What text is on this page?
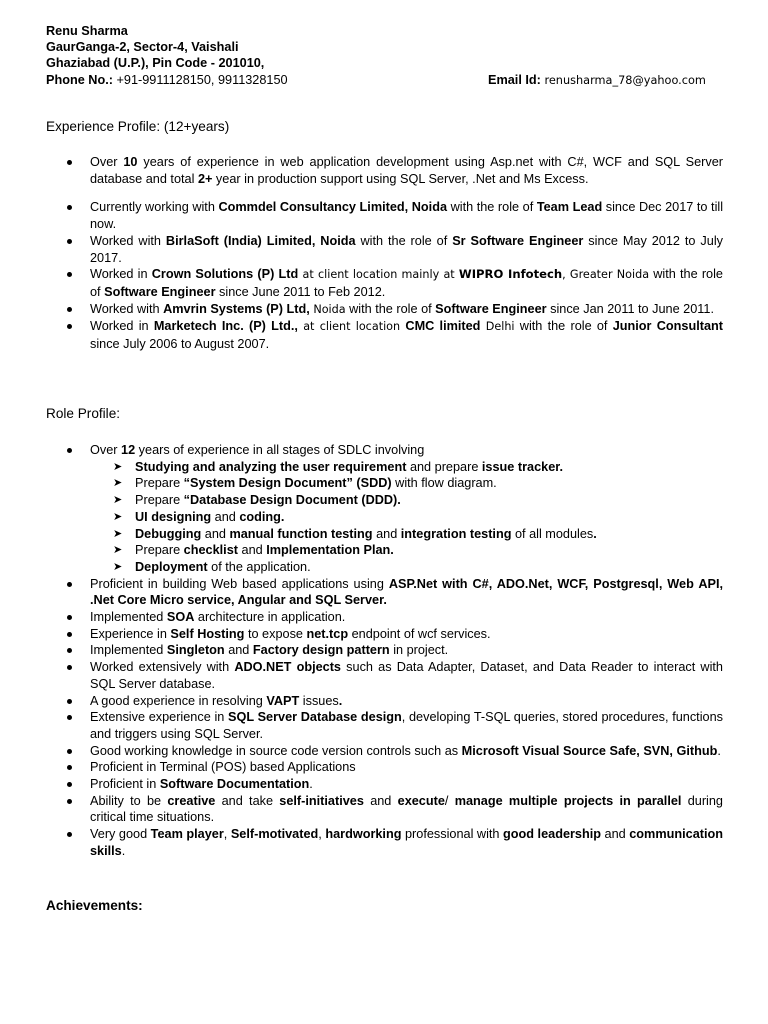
Renu Sharma
GaurGanga-2, Sector-4, Vaishali
Ghaziabad (U.P.), Pin Code - 201010,
Phone No.: +91-9911128150, 9911328150	Email Id: renusharma_78@yahoo.com
Experience Profile: (12+years)
Over 10 years of experience in web application development using Asp.net with C#, WCF and SQL Server database and total 2+ year in production support using SQL Server, .Net and Ms Excess.
Currently working with Commdel Consultancy Limited, Noida with the role of Team Lead since Dec 2017 to till now.
Worked with BirlaSoft (India) Limited, Noida with the role of Sr Software Engineer since May 2012 to July 2017.
Worked in Crown Solutions (P) Ltd at client location mainly at WIPRO Infotech, Greater Noida with the role of Software Engineer since June 2011 to Feb 2012.
Worked with Amvrin Systems (P) Ltd, Noida with the role of Software Engineer since Jan 2011 to June 2011.
Worked in Marketech Inc. (P) Ltd., at client location CMC limited Delhi with the role of Junior Consultant since July 2006 to August 2007.
Role Profile:
Over 12 years of experience in all stages of SDLC involving
➤ Studying and analyzing the user requirement and prepare issue tracker.
➤ Prepare “System Design Document” (SDD) with flow diagram.
➤ Prepare “Database Design Document (DDD).
➤ UI designing and coding.
➤ Debugging and manual function testing and integration testing of all modules.
➤ Prepare checklist and Implementation Plan.
➤ Deployment of the application.
Proficient in building Web based applications using ASP.Net with C#, ADO.Net, WCF, Postgresql, Web API, .Net Core Micro service, Angular and SQL Server.
Implemented SOA architecture in application.
Experience in Self Hosting to expose net.tcp endpoint of wcf services.
Implemented Singleton and Factory design pattern in project.
Worked extensively with ADO.NET objects such as Data Adapter, Dataset, and Data Reader to interact with SQL Server database.
A good experience in resolving VAPT issues.
Extensive experience in SQL Server Database design, developing T-SQL queries, stored procedures, functions and triggers using SQL Server.
Good working knowledge in source code version controls such as Microsoft Visual Source Safe, SVN, Github.
Proficient in Terminal (POS) based Applications
Proficient in Software Documentation.
Ability to be creative and take self-initiatives and execute/ manage multiple projects in parallel during critical time situations.
Very good Team player, Self-motivated, hardworking professional with good leadership and communication skills.
Achievements:
